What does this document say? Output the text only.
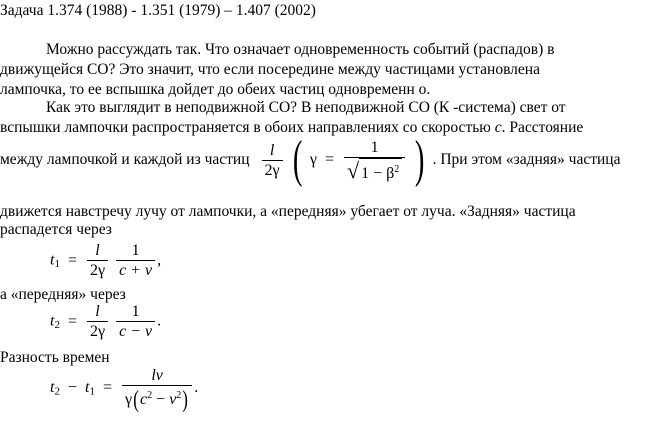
Задача 1.374 (1988) - 1.351 (1979) – 1.407 (2002)
Можно рассуждать так. Что означает одновременность событий (распадов) в
движущейся СО? Это значит, что если посередине между частицами установлена
лампочка, то ее вспышка дойдет до обеих частиц одновременн о.
Как это выглядит в неподвижной СО? В неподвижной СО (К -система) свет от
вспышки лампочки распространяется в обоих направлениях со скоростью c. Расстояние
между лампочкой и каждой из частиц $\frac{l}{2\gamma}$ ( $\gamma = \frac{1}{√ 1 - \beta^2}$ ) . При этом «задняя» частица
движется навстречу лучу от лампочки, а «передняя» убегает от луча. «Задняя» частица
распадется через
$t_1 = \frac{l}{2\gamma}$
$\frac{1}{c + v}$ ,
а «передняя» через
$t_2 = \frac{l}{2\gamma}$
$\frac{1}{c - v}$ .
Разность времен
$t_2 - t_1 = \frac{lv}{\gamma(c^2 - v^2)}$ .
